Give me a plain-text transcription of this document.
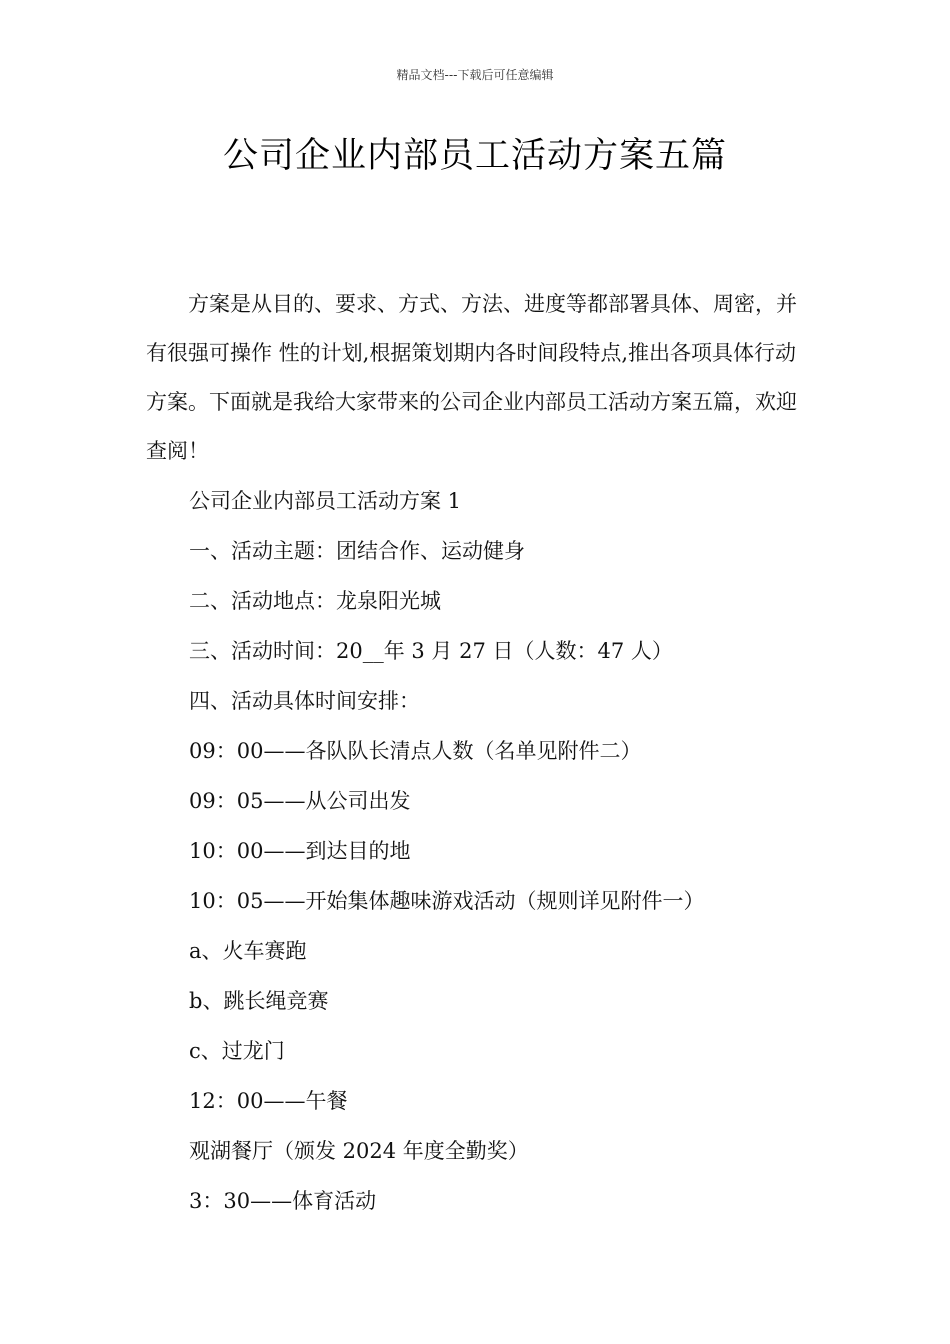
精品文档---下载后可任意编辑
公司企业内部员工活动方案五篇

方案是从目的、要求、方式、方法、进度等都部署具体、周密，并有很强可操作 性的计划,根据策划期内各时间段特点,推出各项具体行动方案。下面就是我给大家带来的公司企业内部员工活动方案五篇，欢迎查阅！

公司企业内部员工活动方案 1
一、活动主题：团结合作、运动健身
二、活动地点：龙泉阳光城
三、活动时间：20__年 3 月 27 日（人数：47 人）
四、活动具体时间安排：
09：00——各队队长清点人数（名单见附件二）
09：05——从公司出发
10：00——到达目的地
10：05——开始集体趣味游戏活动（规则详见附件一）
a、火车赛跑
b、跳长绳竞赛
c、过龙门
12：00——午餐
观湖餐厅（颁发 2024 年度全勤奖）
3：30——体育活动
